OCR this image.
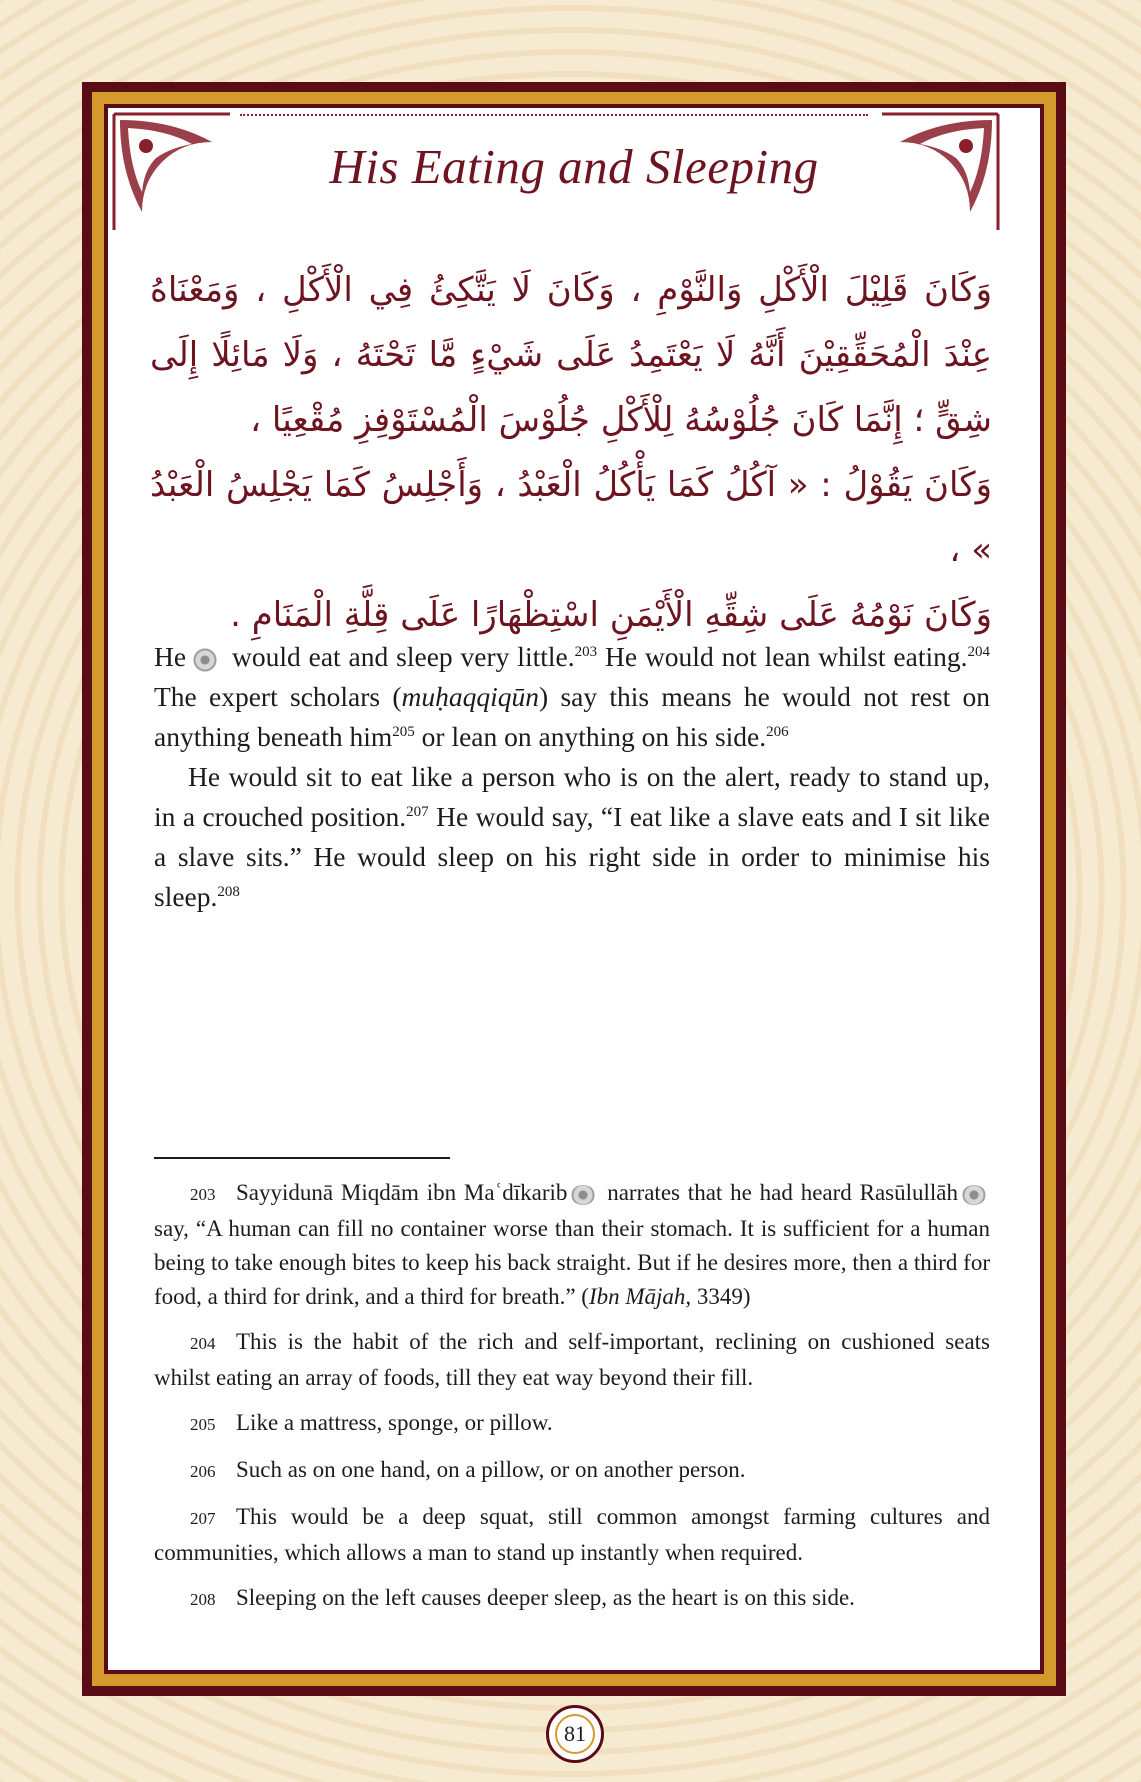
His Eating and Sleeping

وَكَانَ قَلِيْلَ الْأَكْلِ وَالنَّوْمِ ، وَكَانَ لَا يَتَّكِئُ فِي الْأَكْلِ ، وَمَعْنَاهُ عِنْدَ الْمُحَقِّقِيْنَ أَنَّهُ لَا يَعْتَمِدُ عَلَى شَيْءٍ مَّا تَحْتَهُ ، وَلَا مَائِلًا إِلَى شِقٍّ ؛ إِنَّمَا كَانَ جُلُوْسُهُ لِلْأَكْلِ جُلُوْسَ الْمُسْتَوْفِزِ مُقْعِيًا ،

وَكَانَ يَقُوْلُ : « آكُلُ كَمَا يَأْكُلُ الْعَبْدُ ، وَأَجْلِسُ كَمَا يَجْلِسُ الْعَبْدُ » ،

وَكَانَ نَوْمُهُ عَلَى شِقِّهِ الْأَيْمَنِ اسْتِظْهَارًا عَلَى قِلَّةِ الْمَنَامِ .

He would eat and sleep very little.$^{203}$ He would not lean whilst eating.$^{204}$ The expert scholars (muḥaqqiqūn) say this means he would not rest on anything beneath him$^{205}$ or lean on anything on his side.$^{206}$

He would sit to eat like a person who is on the alert, ready to stand up, in a crouched position.$^{207}$ He would say, “I eat like a slave eats and I sit like a slave sits.” He would sleep on his right side in order to minimise his sleep.$^{208}$

203 Sayyidunā Miqdām ibn Maʿdīkarib narrates that he had heard Rasūlullāh say, “A human can fill no container worse than their stomach. It is sufficient for a human being to take enough bites to keep his back straight. But if he desires more, then a third for food, a third for drink, and a third for breath.” (Ibn Mājah, 3349)

204 This is the habit of the rich and self-important, reclining on cushioned seats whilst eating an array of foods, till they eat way beyond their fill.

205 Like a mattress, sponge, or pillow.

206 Such as on one hand, on a pillow, or on another person.

207 This would be a deep squat, still common amongst farming cultures and communities, which allows a man to stand up instantly when required.

208 Sleeping on the left causes deeper sleep, as the heart is on this side.

81
